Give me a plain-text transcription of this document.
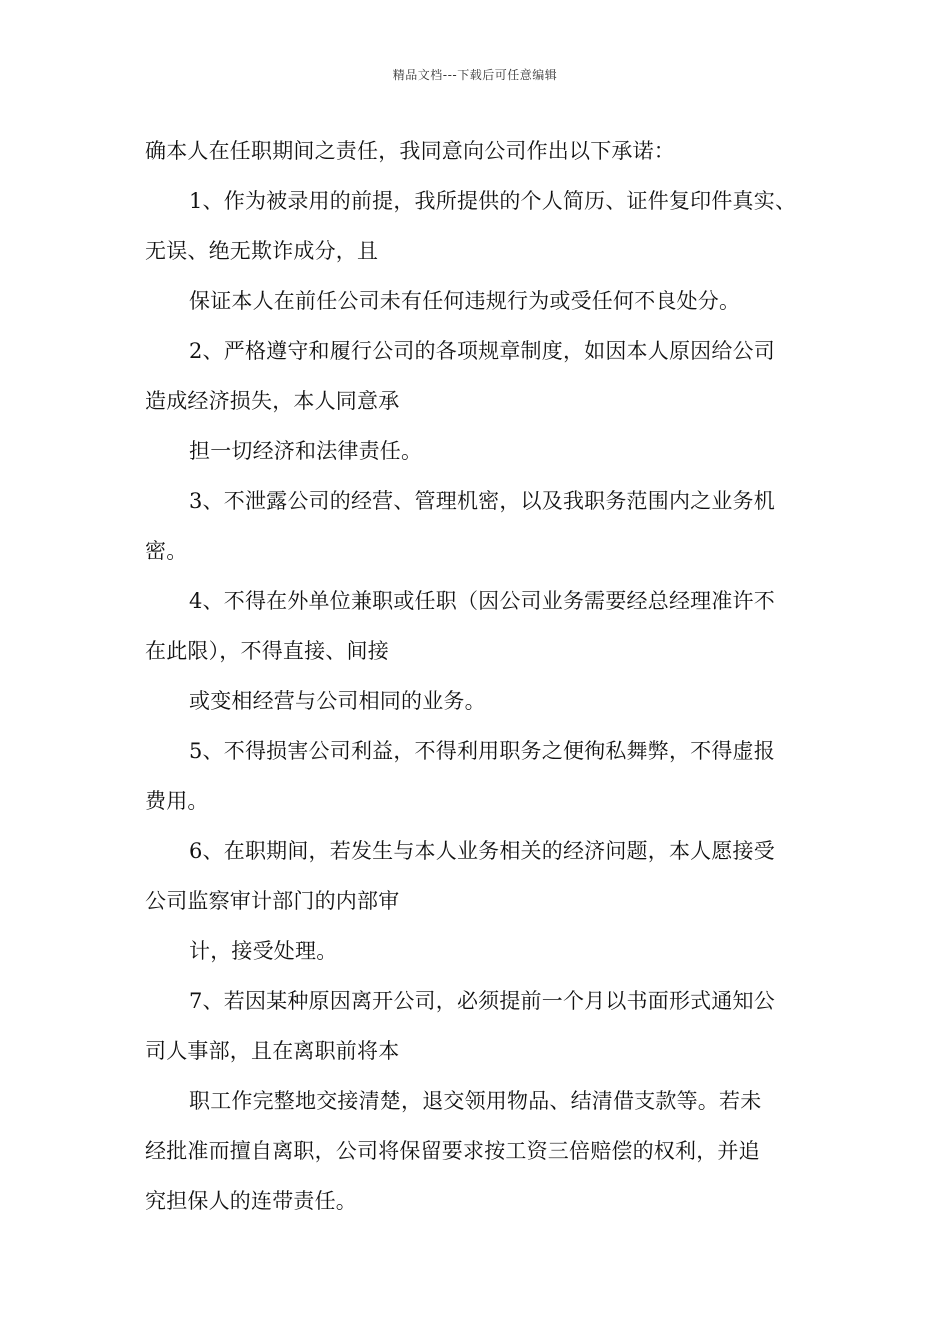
精品文档---下载后可任意编辑
确本人在任职期间之责任，我同意向公司作出以下承诺：
1、作为被录用的前提，我所提供的个人简历、证件复印件真实、
无误、绝无欺诈成分，且
保证本人在前任公司未有任何违规行为或受任何不良处分。
2、严格遵守和履行公司的各项规章制度，如因本人原因给公司
造成经济损失，本人同意承
担一切经济和法律责任。
3、不泄露公司的经营、管理机密，以及我职务范围内之业务机
密。
4、不得在外单位兼职或任职（因公司业务需要经总经理准许不
在此限），不得直接、间接
或变相经营与公司相同的业务。
5、不得损害公司利益，不得利用职务之便徇私舞弊，不得虚报
费用。
6、在职期间，若发生与本人业务相关的经济问题，本人愿接受
公司监察审计部门的内部审
计，接受处理。
7、若因某种原因离开公司，必须提前一个月以书面形式通知公
司人事部，且在离职前将本
职工作完整地交接清楚，退交领用物品、结清借支款等。若未
经批准而擅自离职，公司将保留要求按工资三倍赔偿的权利，并追
究担保人的连带责任。
